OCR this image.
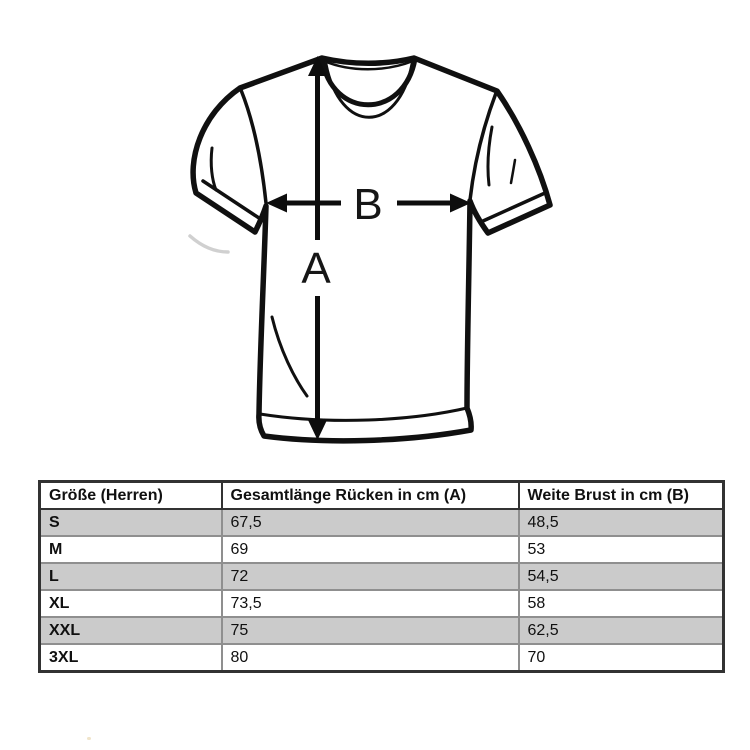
A
B
Größe (Herren)	Gesamtlänge Rücken in cm (A)	Weite Brust in cm (B)
S	67,5	48,5
M	69	53
L	72	54,5
XL	73,5	58
XXL	75	62,5
3XL	80	70
